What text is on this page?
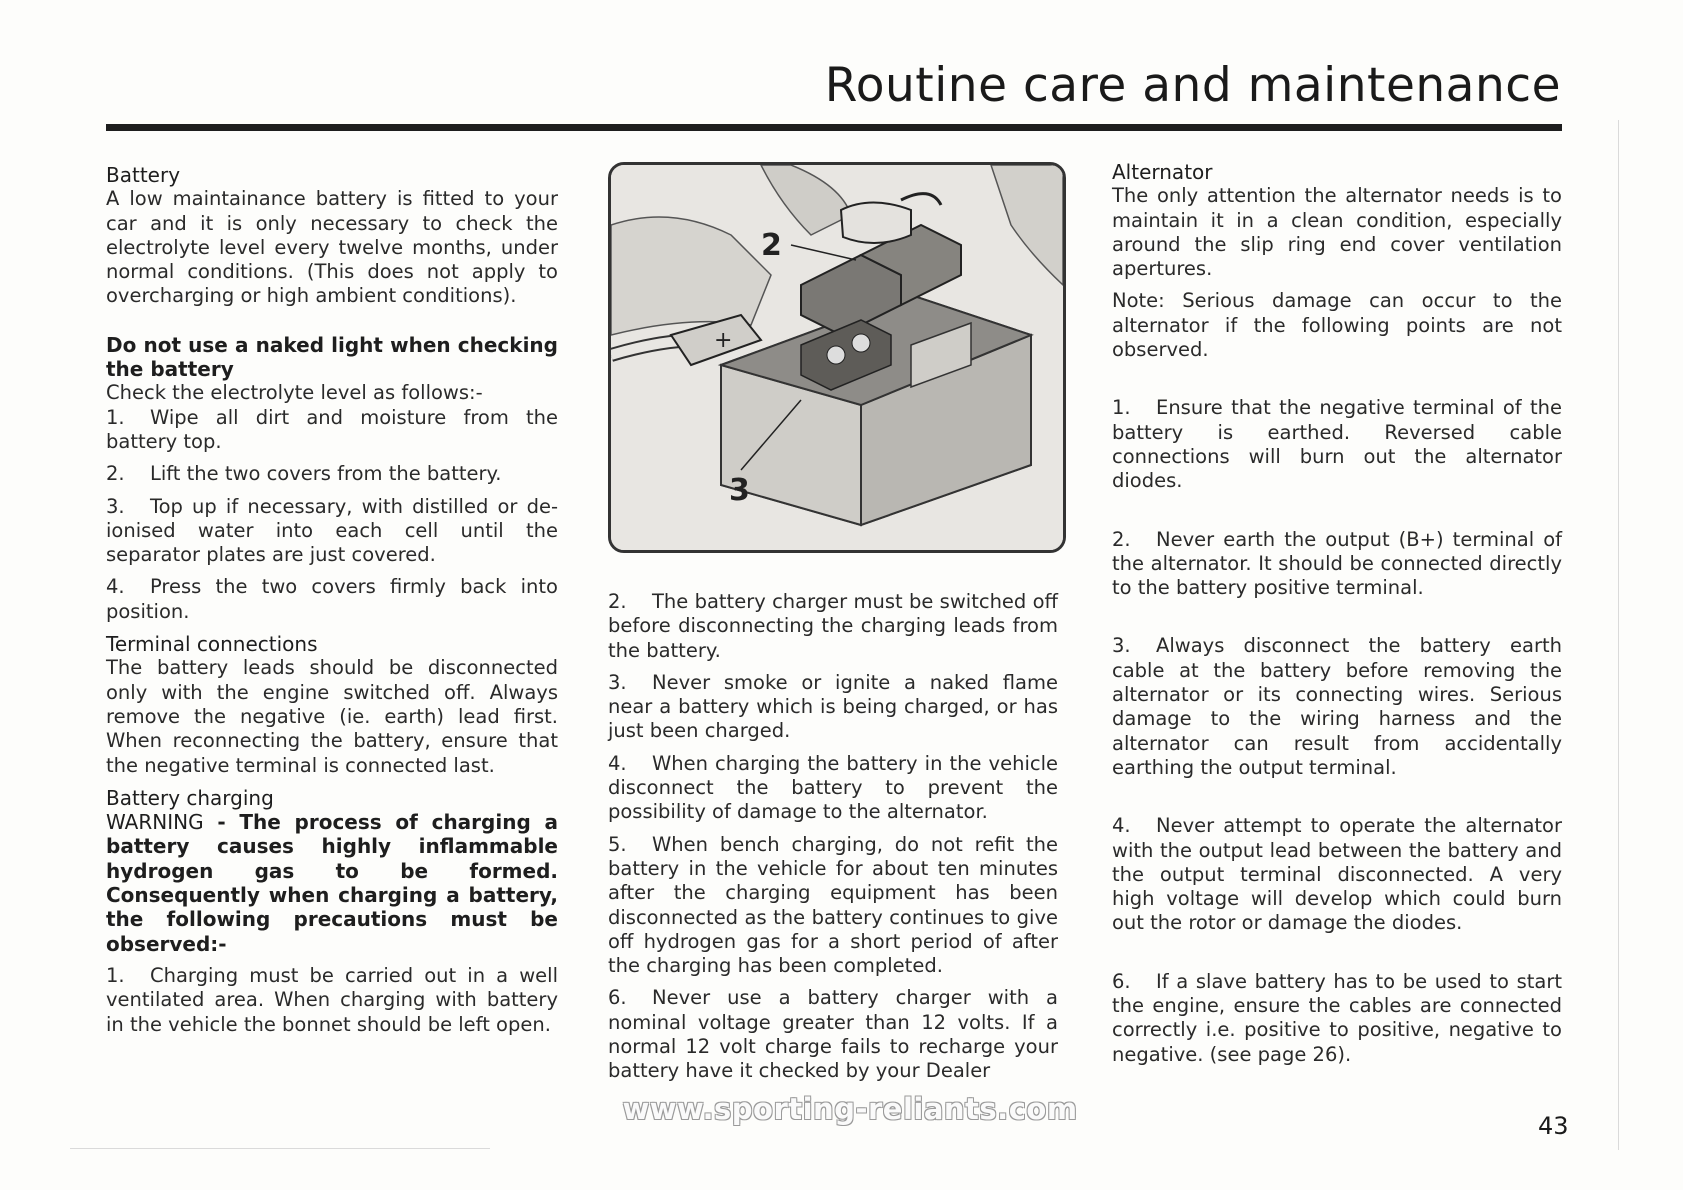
Routine care and maintenance

Battery

A low maintainance battery is fitted to your car and it is only necessary to check the electrolyte level every twelve months, under normal conditions. (This does not apply to overcharging or high ambient conditions).

Do not use a naked light when checking the battery

Check the electrolyte level as follows:-

1. Wipe all dirt and moisture from the battery top.

2. Lift the two covers from the battery.

3. Top up if necessary, with distilled or de-ionised water into each cell until the separator plates are just covered.

4. Press the two covers firmly back into position.

Terminal connections

The battery leads should be disconnected only with the engine switched off. Always remove the negative (ie. earth) lead first. When reconnecting the battery, ensure that the negative terminal is connected last.

Battery charging

WARNING - The process of charging a battery causes highly inflammable hydrogen gas to be formed. Consequently when charging a battery, the following precautions must be observed:-

1. Charging must be carried out in a well ventilated area. When charging with battery in the vehicle the bonnet should be left open.

+
2
3

2. The battery charger must be switched off before disconnecting the charging leads from the battery.

3. Never smoke or ignite a naked flame near a battery which is being charged, or has just been charged.

4. When charging the battery in the vehicle disconnect the battery to prevent the possibility of damage to the alternator.

5. When bench charging, do not refit the battery in the vehicle for about ten minutes after the charging equipment has been disconnected as the battery continues to give off hydrogen gas for a short period of after the charging has been completed.

6. Never use a battery charger with a nominal voltage greater than 12 volts. If a normal 12 volt charge fails to recharge your battery have it checked by your Dealer

Alternator

The only attention the alternator needs is to maintain it in a clean condition, especially around the slip ring end cover ventilation apertures.

Note: Serious damage can occur to the alternator if the following points are not observed.

1. Ensure that the negative terminal of the battery is earthed. Reversed cable connections will burn out the alternator diodes.

2. Never earth the output (B+) terminal of the alternator. It should be connected directly to the battery positive terminal.

3. Always disconnect the battery earth cable at the battery before removing the alternator or its connecting wires. Serious damage to the wiring harness and the alternator can result from accidentally earthing the output terminal.

4. Never attempt to operate the alternator with the output lead between the battery and the output terminal disconnected. A very high voltage will develop which could burn out the rotor or damage the diodes.

6. If a slave battery has to be used to start the engine, ensure the cables are connected correctly i.e. positive to positive, negative to negative. (see page 26).

www.sporting-reliants.com	43
